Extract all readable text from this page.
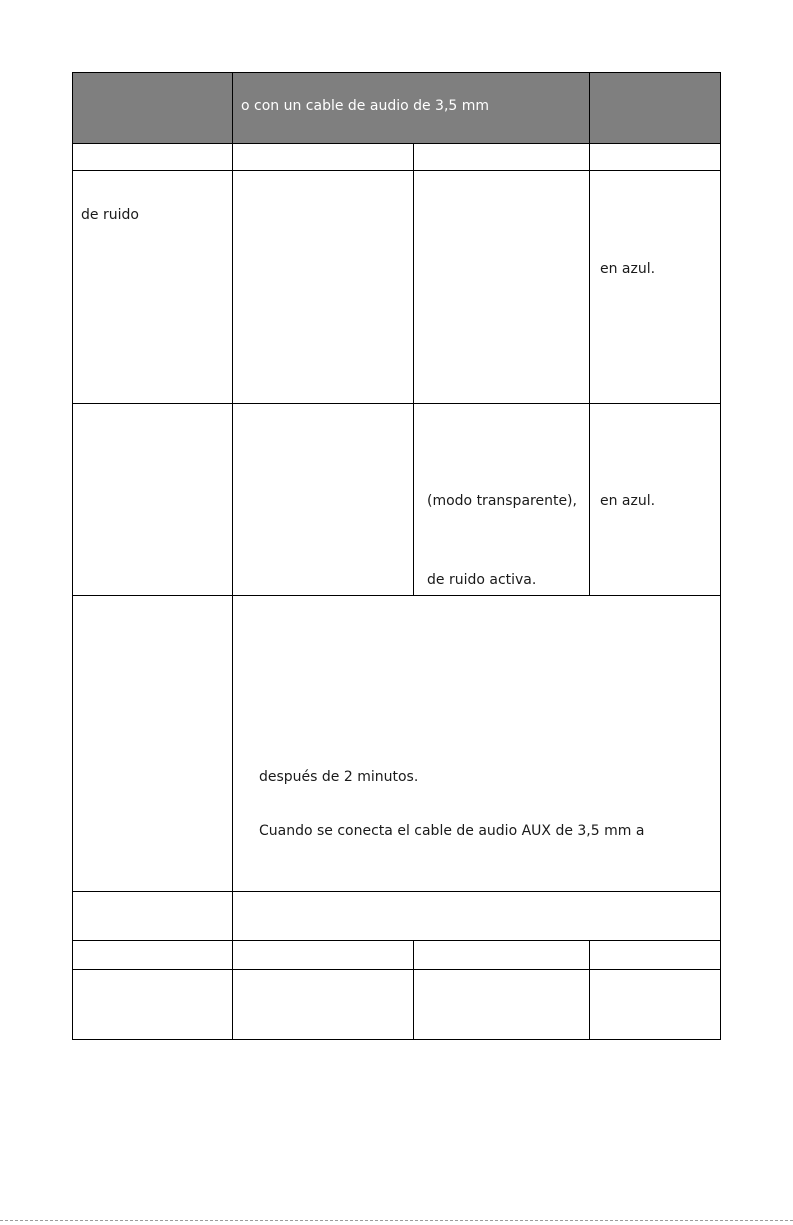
o con un cable de audio de 3,5 mm
de ruido
en azul.
(modo transparente),
de ruido activa.
en azul.
después de 2 minutos.
Cuando se conecta el cable de audio AUX de 3,5 mm a
